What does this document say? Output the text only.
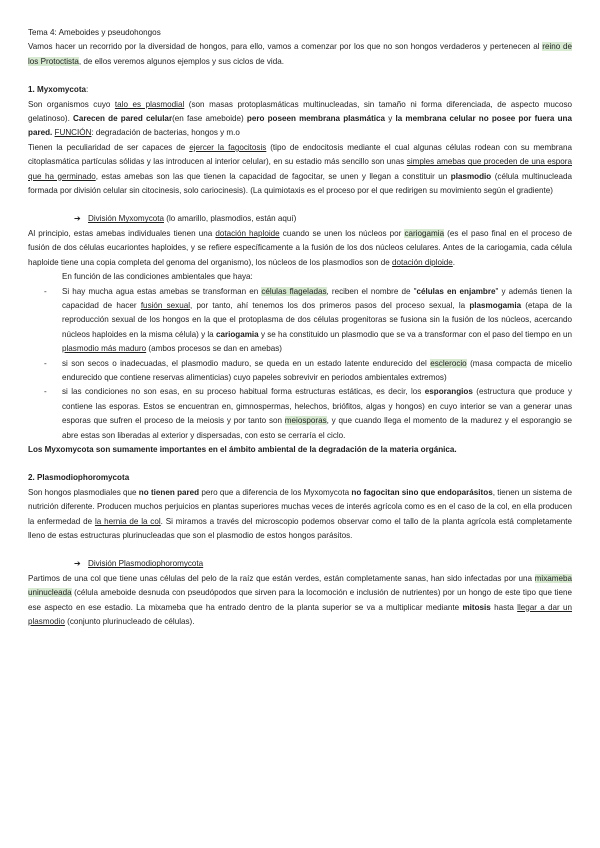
Tema 4: Ameboides y pseudohongos

Vamos hacer un recorrido por la diversidad de hongos, para ello, vamos a comenzar por los que no son hongos verdaderos y pertenecen al reino de los Protoctista, de ellos veremos algunos ejemplos y sus ciclos de vida.

1. Myxomycota:

Son organismos cuyo talo es plasmodial (son masas protoplasmáticas multinucleadas, sin tamaño ni forma diferenciada, de aspecto mucoso gelatinoso). Carecen de pared celular(en fase ameboide) pero poseen membrana plasmática y la membrana celular no posee por fuera una pared. FUNCIÓN: degradación de bacterias, hongos y m.o

Tienen la peculiaridad de ser capaces de ejercer la fagocitosis (tipo de endocitosis mediante el cual algunas células rodean con su membrana citoplasmática partículas sólidas y las introducen al interior celular), en su estadio más sencillo son unas simples amebas que proceden de una espora que ha germinado, estas amebas son las que tienen la capacidad de fagocitar, se unen y llegan a constituir un plasmodio (célula multinucleada formada por división celular sin citocinesis, solo cariocinesis). (La quimiotaxis es el proceso por el que redirigen su movimiento según el gradiente)

➔ División Myxomycota (lo amarillo, plasmodios, están aquí)

Al principio, estas amebas individuales tienen una dotación haploide cuando se unen los núcleos por cariogamia (es el paso final en el proceso de fusión de dos células eucariontes haploides, y se refiere específicamente a la fusión de los dos núcleos celulares. Antes de la cariogamia, cada célula haploide tiene una copia completa del genoma del organismo), los núcleos de los plasmodios son de dotación diploide.

En función de las condiciones ambientales que haya:

- Si hay mucha agua estas amebas se transforman en células flageladas, reciben el nombre de "células en enjambre" y además tienen la capacidad de hacer fusión sexual, por tanto, ahí tenemos los dos primeros pasos del proceso sexual, la plasmogamia (etapa de la reproducción sexual de los hongos en la que el protoplasma de dos células progenitoras se fusiona sin la fusión de los núcleos, acercando núcleos haploides en la misma célula) y la cariogamia y se ha constituido un plasmodio que se va a transformar con el paso del tiempo en un plasmodio más maduro (ambos procesos se dan en amebas)
- si son secos o inadecuadas, el plasmodio maduro, se queda en un estado latente endurecido del esclerocio (masa compacta de micelio endurecido que contiene reservas alimenticias) cuyo papeles sobrevivir en periodos ambientales extremos)
- si las condiciones no son esas, en su proceso habitual forma estructuras estáticas, es decir, los esporangios (estructura que produce y contiene las esporas. Estos se encuentran en, gimnospermas, helechos, briófitos, algas y hongos) en cuyo interior se van a generar unas esporas que sufren el proceso de la meiosis y por tanto son meiosporas, y que cuando llega el momento de la madurez y el esporangio se abre estas son liberadas al exterior y dispersadas, con esto se cerraría el ciclo.

Los Myxomycota son sumamente importantes en el ámbito ambiental de la degradación de la materia orgánica.

2. Plasmodiophoromycota

Son hongos plasmodiales que no tienen pared pero que a diferencia de los Myxomycota no fagocitan sino que endoparásitos, tienen un sistema de nutrición diferente. Producen muchos perjuicios en plantas superiores muchas veces de interés agrícola como es en el caso de la col, en ella producen la enfermedad de la hernia de la col. Si miramos a través del microscopio podemos observar como el tallo de la planta agrícola está completamente lleno de estas estructuras plurinucleadas que son el plasmodio de estos hongos parásitos.

➔ División Plasmodiophoromycota

Partimos de una col que tiene unas células del pelo de la raíz que están verdes, están completamente sanas, han sido infectadas por una mixameba uninucleada (célula ameboide desnuda con pseudópodos que sirven para la locomoción e inclusión de nutrientes) por un hongo de este tipo que tiene ese aspecto en ese estadio. La mixameba que ha entrado dentro de la planta superior se va a multiplicar mediante mitosis hasta llegar a dar un plasmodio (conjunto plurinucleado de células).
